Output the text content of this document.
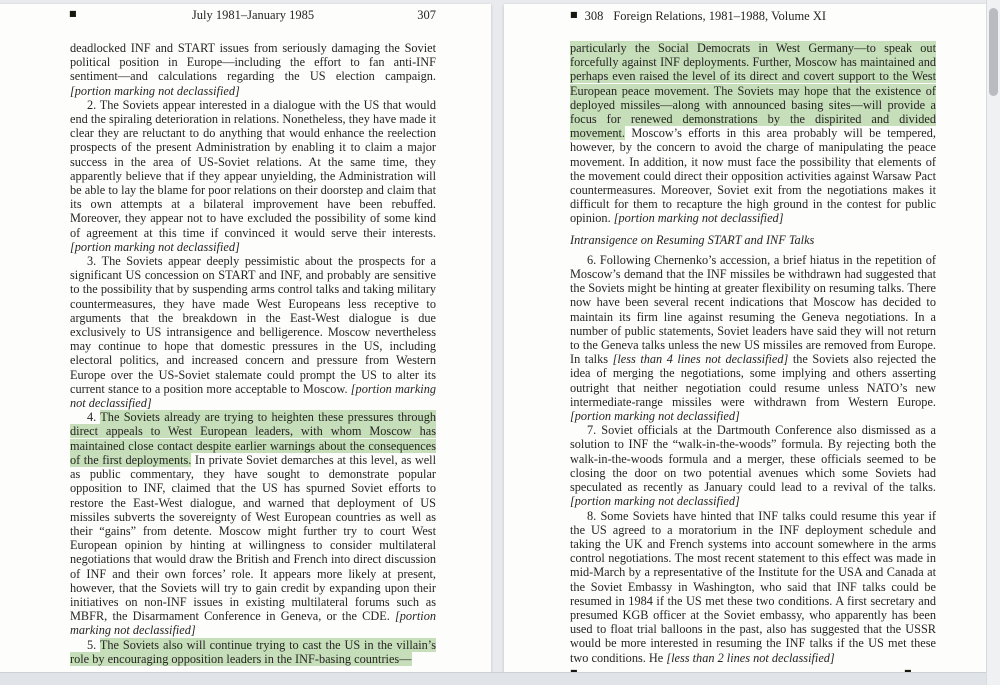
■	July 1981–January 1985	307
deadlocked INF and START issues from seriously damaging the Soviet political position in Europe—including the effort to fan anti-INF sentiment—and calculations regarding the US election campaign. [portion marking not declassified]
2. The Soviets appear interested in a dialogue with the US that would end the spiraling deterioration in relations. Nonetheless, they have made it clear they are reluctant to do anything that would enhance the reelection prospects of the present Administration by enabling it to claim a major success in the area of US-Soviet relations. At the same time, they apparently believe that if they appear unyielding, the Administration will be able to lay the blame for poor relations on their doorstep and claim that its own attempts at a bilateral improvement have been rebuffed. Moreover, they appear not to have excluded the possibility of some kind of agreement at this time if convinced it would serve their interests. [portion marking not declassified]
3. The Soviets appear deeply pessimistic about the prospects for a significant US concession on START and INF, and probably are sensitive to the possibility that by suspending arms control talks and taking military countermeasures, they have made West Europeans less receptive to arguments that the breakdown in the East-West dialogue is due exclusively to US intransigence and belligerence. Moscow nevertheless may continue to hope that domestic pressures in the US, including electoral politics, and increased concern and pressure from Western Europe over the US-Soviet stalemate could prompt the US to alter its current stance to a position more acceptable to Moscow. [portion marking not declassified]
4. The Soviets already are trying to heighten these pressures through direct appeals to West European leaders, with whom Moscow has maintained close contact despite earlier warnings about the consequences of the first deployments. In private Soviet demarches at this level, as well as public commentary, they have sought to demonstrate popular opposition to INF, claimed that the US has spurned Soviet efforts to restore the East-West dialogue, and warned that deployment of US missiles subverts the sovereignty of West European countries as well as their “gains” from detente. Moscow might further try to court West European opinion by hinting at willingness to consider multilateral negotiations that would draw the British and French into direct discussion of INF and their own forces’ role. It appears more likely at present, however, that the Soviets will try to gain credit by expanding upon their initiatives on non-INF issues in existing multilateral forums such as MBFR, the Disarmament Conference in Geneva, or the CDE. [portion marking not declassified]
5. The Soviets also will continue trying to cast the US in the villain’s role by encouraging opposition leaders in the INF-basing countries—
■ 308 Foreign Relations, 1981–1988, Volume XI
particularly the Social Democrats in West Germany—to speak out forcefully against INF deployments. Further, Moscow has maintained and perhaps even raised the level of its direct and covert support to the West European peace movement. The Soviets may hope that the existence of deployed missiles—along with announced basing sites—will provide a focus for renewed demonstrations by the dispirited and divided movement. Moscow’s efforts in this area probably will be tempered, however, by the concern to avoid the charge of manipulating the peace movement. In addition, it now must face the possibility that elements of the movement could direct their opposition activities against Warsaw Pact countermeasures. Moreover, Soviet exit from the negotiations makes it difficult for them to recapture the high ground in the contest for public opinion. [portion marking not declassified]
Intransigence on Resuming START and INF Talks
6. Following Chernenko’s accession, a brief hiatus in the repetition of Moscow’s demand that the INF missiles be withdrawn had suggested that the Soviets might be hinting at greater flexibility on resuming talks. There now have been several recent indications that Moscow has decided to maintain its firm line against resuming the Geneva negotiations. In a number of public statements, Soviet leaders have said they will not return to the Geneva talks unless the new US missiles are removed from Europe. In talks [less than 4 lines not declassified] the Soviets also rejected the idea of merging the negotiations, some implying and others asserting outright that neither negotiation could resume unless NATO’s new intermediate-range missiles were withdrawn from Western Europe. [portion marking not declassified]
7. Soviet officials at the Dartmouth Conference also dismissed as a solution to INF the “walk-in-the-woods” formula. By rejecting both the walk-in-the-woods formula and a merger, these officials seemed to be closing the door on two potential avenues which some Soviets had speculated as recently as January could lead to a revival of the talks. [portion marking not declassified]
8. Some Soviets have hinted that INF talks could resume this year if the US agreed to a moratorium in the INF deployment schedule and taking the UK and French systems into account somewhere in the arms control negotiations. The most recent statement to this effect was made in mid-March by a representative of the Institute for the USA and Canada at the Soviet Embassy in Washington, who said that INF talks could be resumed in 1984 if the US met these two conditions. A first secretary and presumed KGB officer at the Soviet embassy, who apparently has been used to float trial balloons in the past, also has suggested that the USSR would be more interested in resuming the INF talks if the US met these two conditions. He [less than 2 lines not declassified]
